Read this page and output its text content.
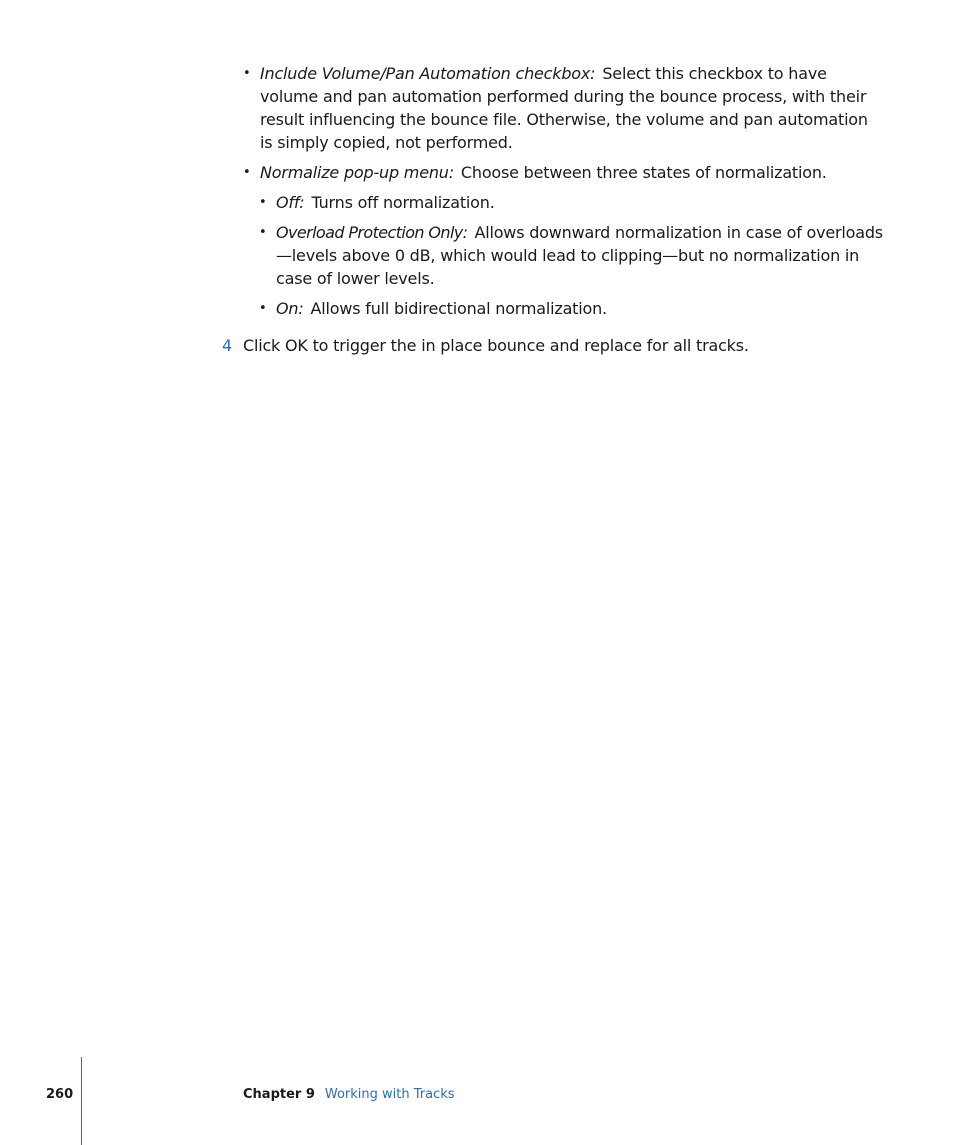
• Include Volume/Pan Automation checkbox: Select this checkbox to have volume and pan automation performed during the bounce process, with their result influencing the bounce file. Otherwise, the volume and pan automation is simply copied, not performed.
• Normalize pop-up menu: Choose between three states of normalization.
• Off: Turns off normalization.
• Overload Protection Only: Allows downward normalization in case of overloads—levels above 0 dB, which would lead to clipping—but no normalization in case of lower levels.
• On: Allows full bidirectional normalization.
4 Click OK to trigger the in place bounce and replace for all tracks.
260	Chapter 9 Working with Tracks
